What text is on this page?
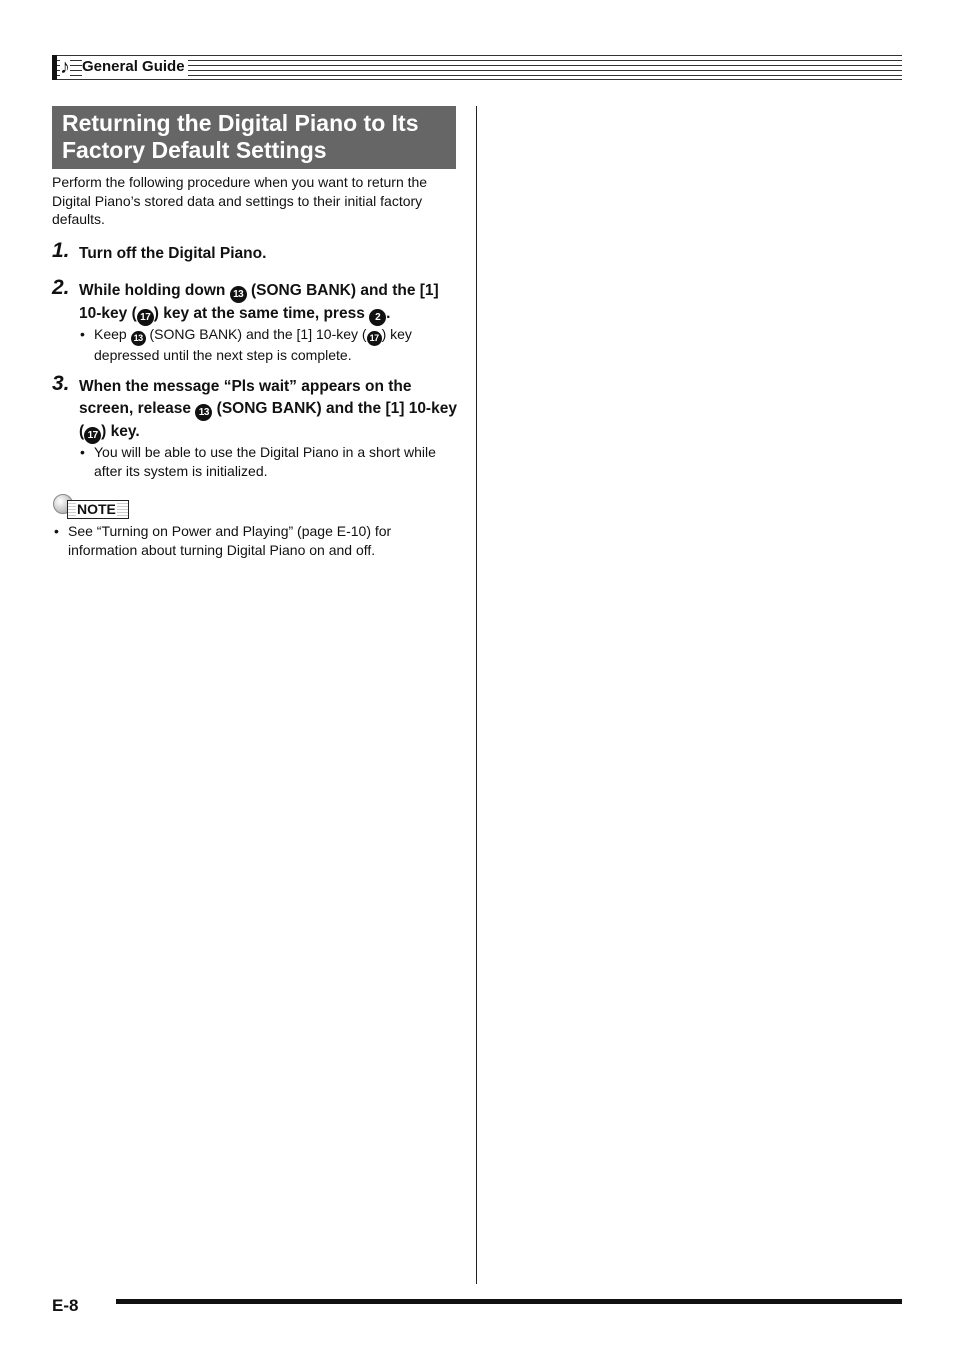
♪ General Guide
Returning the Digital Piano to Its
Factory Default Settings
Perform the following procedure when you want to return the Digital Piano’s stored data and settings to their initial factory defaults.
1. Turn off the Digital Piano.
2. While holding down 13 (SONG BANK) and the [1] 10-key ( 17 ) key at the same time, press 2 .
• Keep 13 (SONG BANK) and the [1] 10-key ( 17 ) key depressed until the next step is complete.
3. When the message “Pls wait” appears on the screen, release 13 (SONG BANK) and the [1] 10-key ( 17 ) key.
• You will be able to use the Digital Piano in a short while after its system is initialized.
NOTE
• See “Turning on Power and Playing” (page E-10) for information about turning Digital Piano on and off.
E-8
